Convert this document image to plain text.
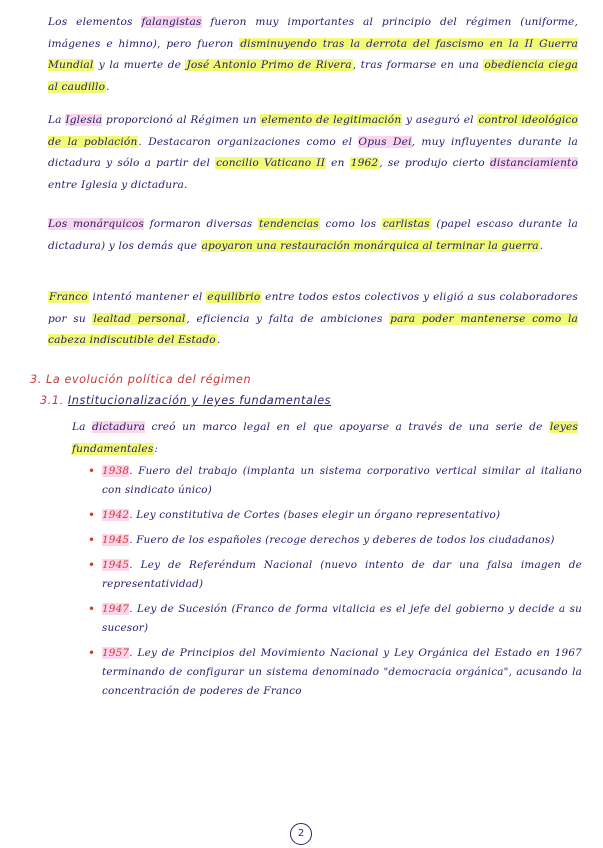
Los elementos falangistas fueron muy importantes al principio del régimen (uniforme, imágenes e himno), pero fueron disminuyendo tras la derrota del fascismo en la II Guerra Mundial y la muerte de José Antonio Primo de Rivera, tras formarse en una obediencia ciega al caudillo.
La Iglesia proporcionó al Régimen un elemento de legitimación y aseguró el control ideológico de la población. Destacaron organizaciones como el Opus Dei, muy influyentes durante la dictadura y sólo a partir del concilio Vaticano II en 1962, se produjo cierto distanciamiento entre Iglesia y dictadura.
Los monárquicos formaron diversas tendencias como los carlistas (papel escaso durante la dictadura) y los demás que apoyaron una restauración monárquica al terminar la guerra.
Franco intentó mantener el equilibrio entre todos estos colectivos y eligió a sus colaboradores por su lealtad personal, eficiencia y falta de ambiciones para poder mantenerse como la cabeza indiscutible del Estado.
3. La evolución política del régimen
3.1. Institucionalización y leyes fundamentales
La dictadura creó un marco legal en el que apoyarse a través de una serie de leyes fundamentales:
• 1938. Fuero del trabajo (implanta un sistema corporativo vertical similar al italiano con sindicato único)
• 1942. Ley constitutiva de Cortes (bases elegir un órgano representativo)
• 1945. Fuero de los españoles (recoge derechos y deberes de todos los ciudadanos)
• 1945. Ley de Referéndum Nacional (nuevo intento de dar una falsa imagen de representatividad)
• 1947. Ley de Sucesión (Franco de forma vitalicia es el jefe del gobierno y decide a su sucesor)
• 1957. Ley de Principios del Movimiento Nacional y Ley Orgánica del Estado en 1967 terminando de configurar un sistema denominado "democracia orgánica", acusando la concentración de poderes de Franco
2
